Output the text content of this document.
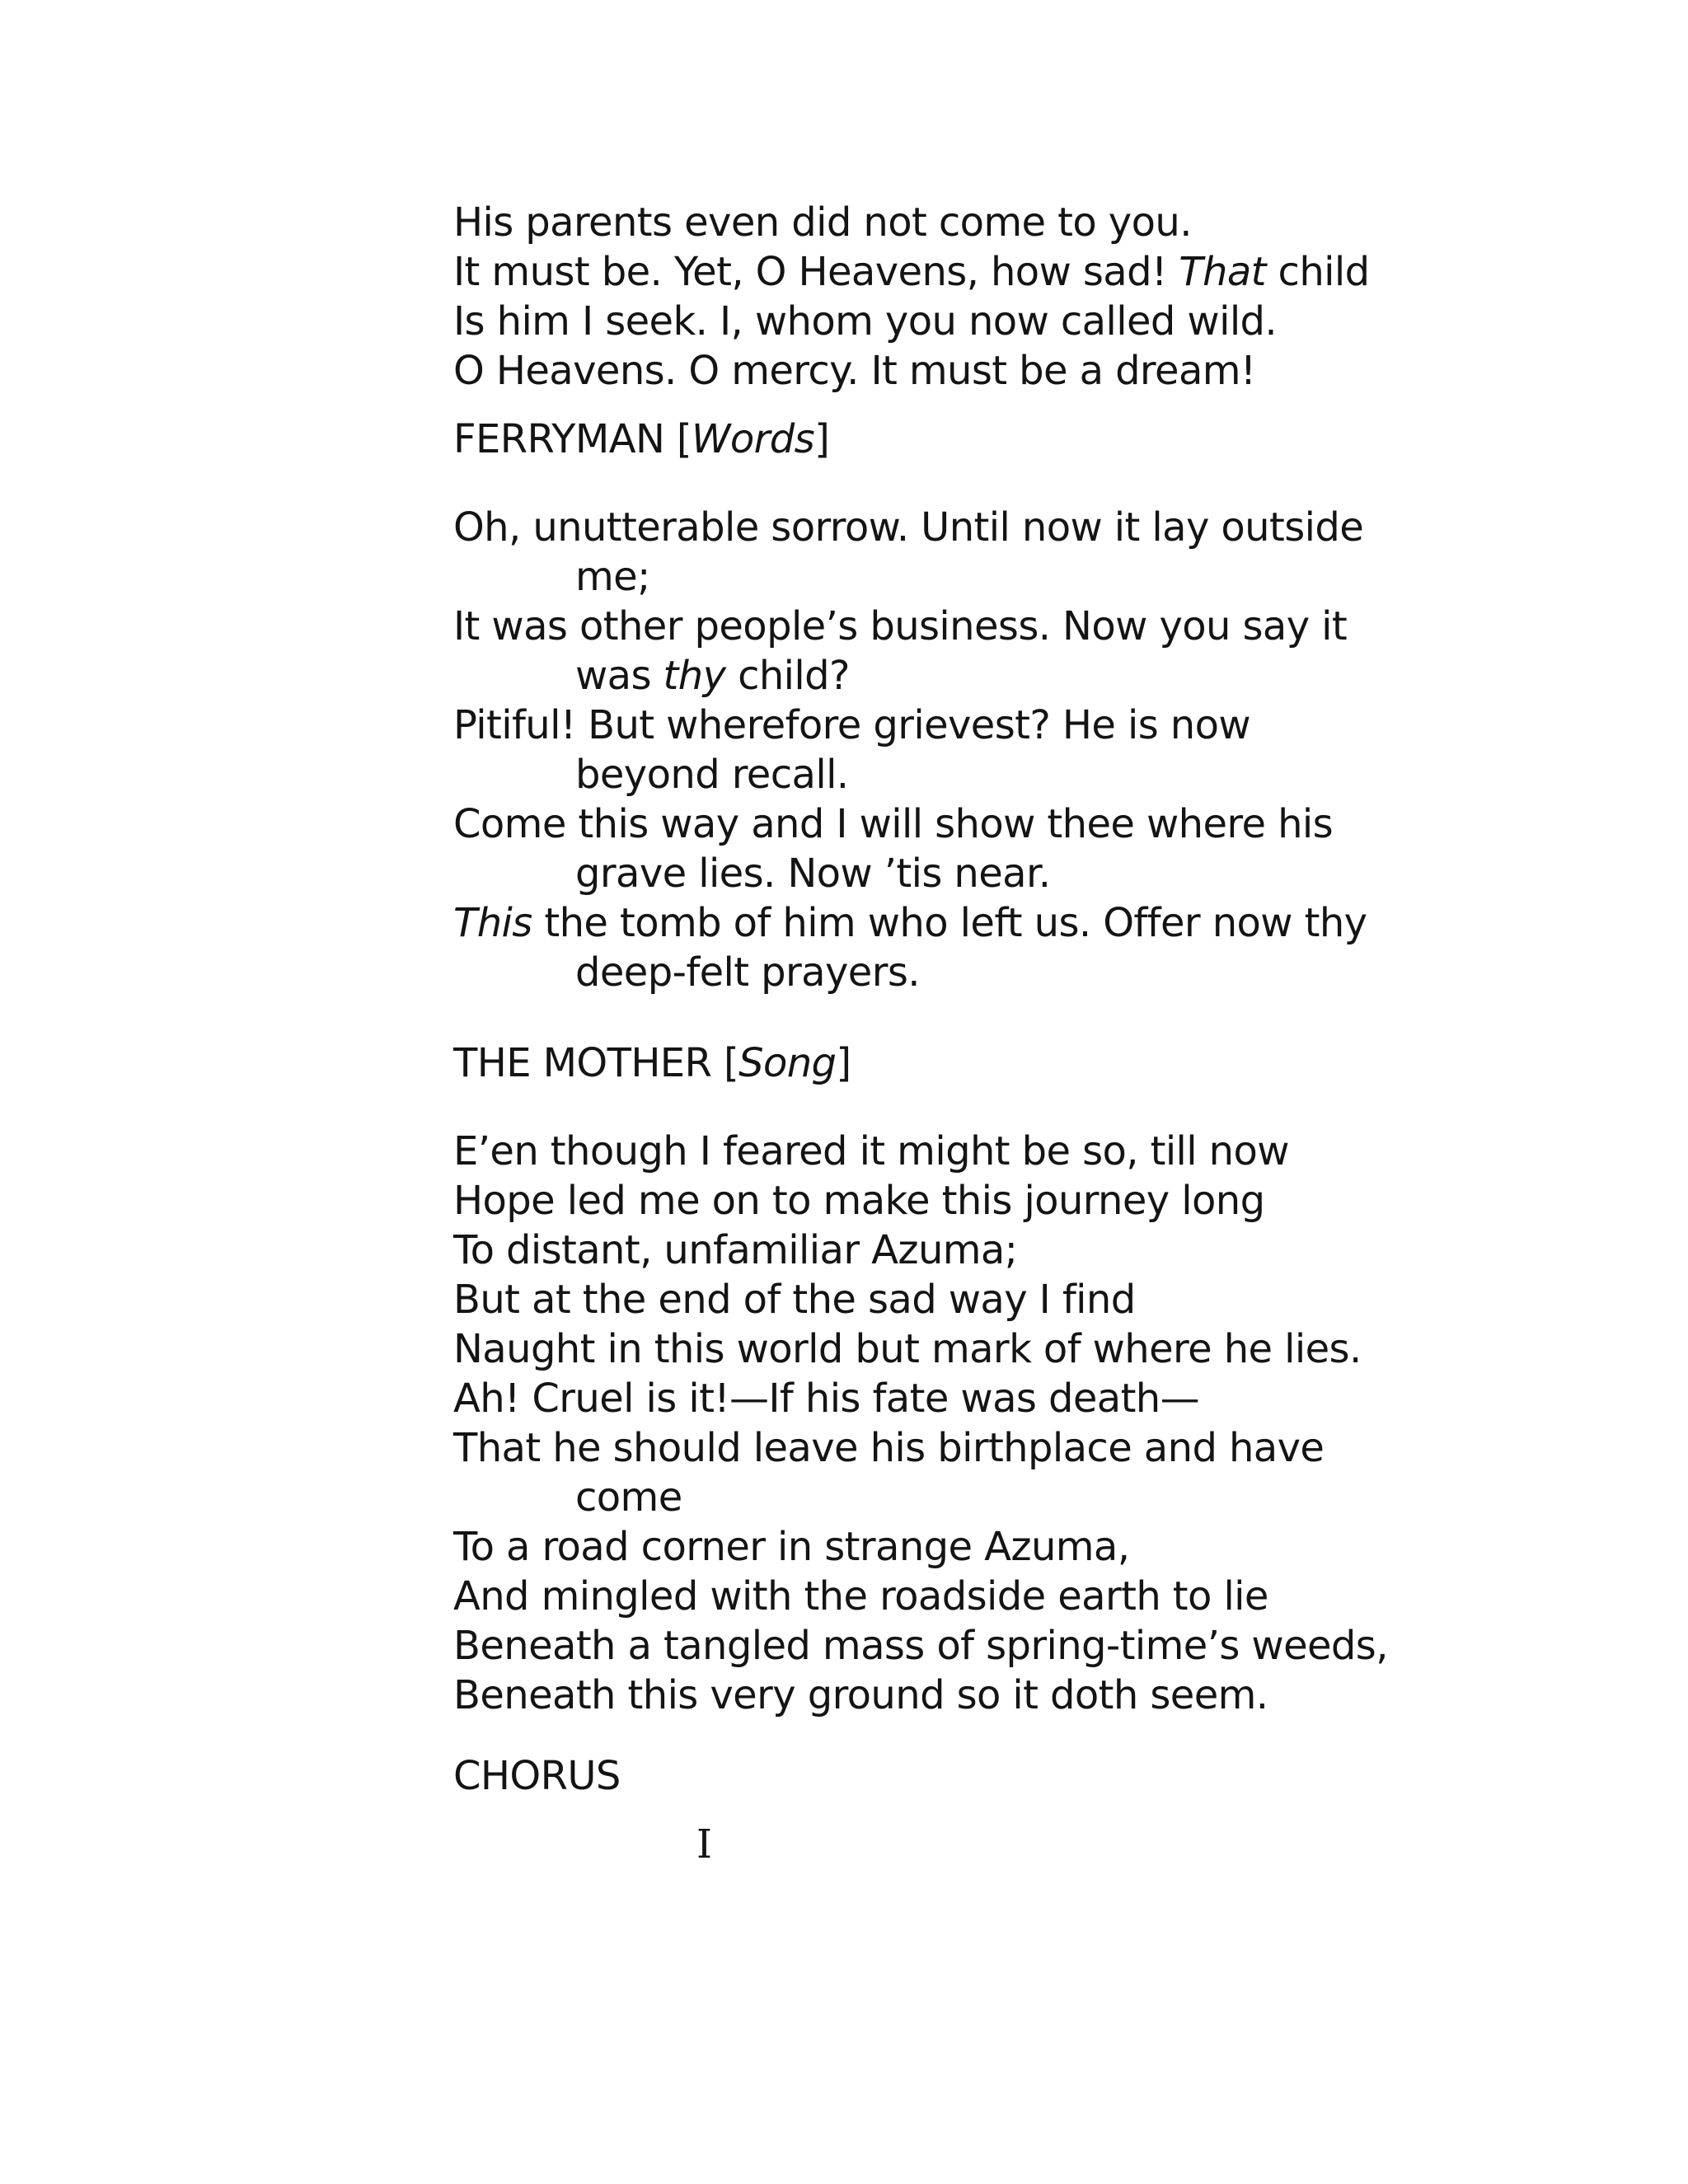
His parents even did not come to you.
It must be. Yet, O Heavens, how sad! That child
Is him I seek. I, whom you now called wild.
O Heavens. O mercy. It must be a dream!
FERRYMAN [Words]
Oh, unutterable sorrow. Until now it lay outside
me;
It was other people’s business. Now you say it
was thy child?
Pitiful! But wherefore grievest? He is now
beyond recall.
Come this way and I will show thee where his
grave lies. Now ’tis near.
This the tomb of him who left us. Offer now thy
deep-felt prayers.
THE MOTHER [Song]
E’en though I feared it might be so, till now
Hope led me on to make this journey long
To distant, unfamiliar Azuma;
But at the end of the sad way I find
Naught in this world but mark of where he lies.
Ah! Cruel is it!—If his fate was death—
That he should leave his birthplace and have
come
To a road corner in strange Azuma,
And mingled with the roadside earth to lie
Beneath a tangled mass of spring-time’s weeds,
Beneath this very ground so it doth seem.
CHORUS
I
